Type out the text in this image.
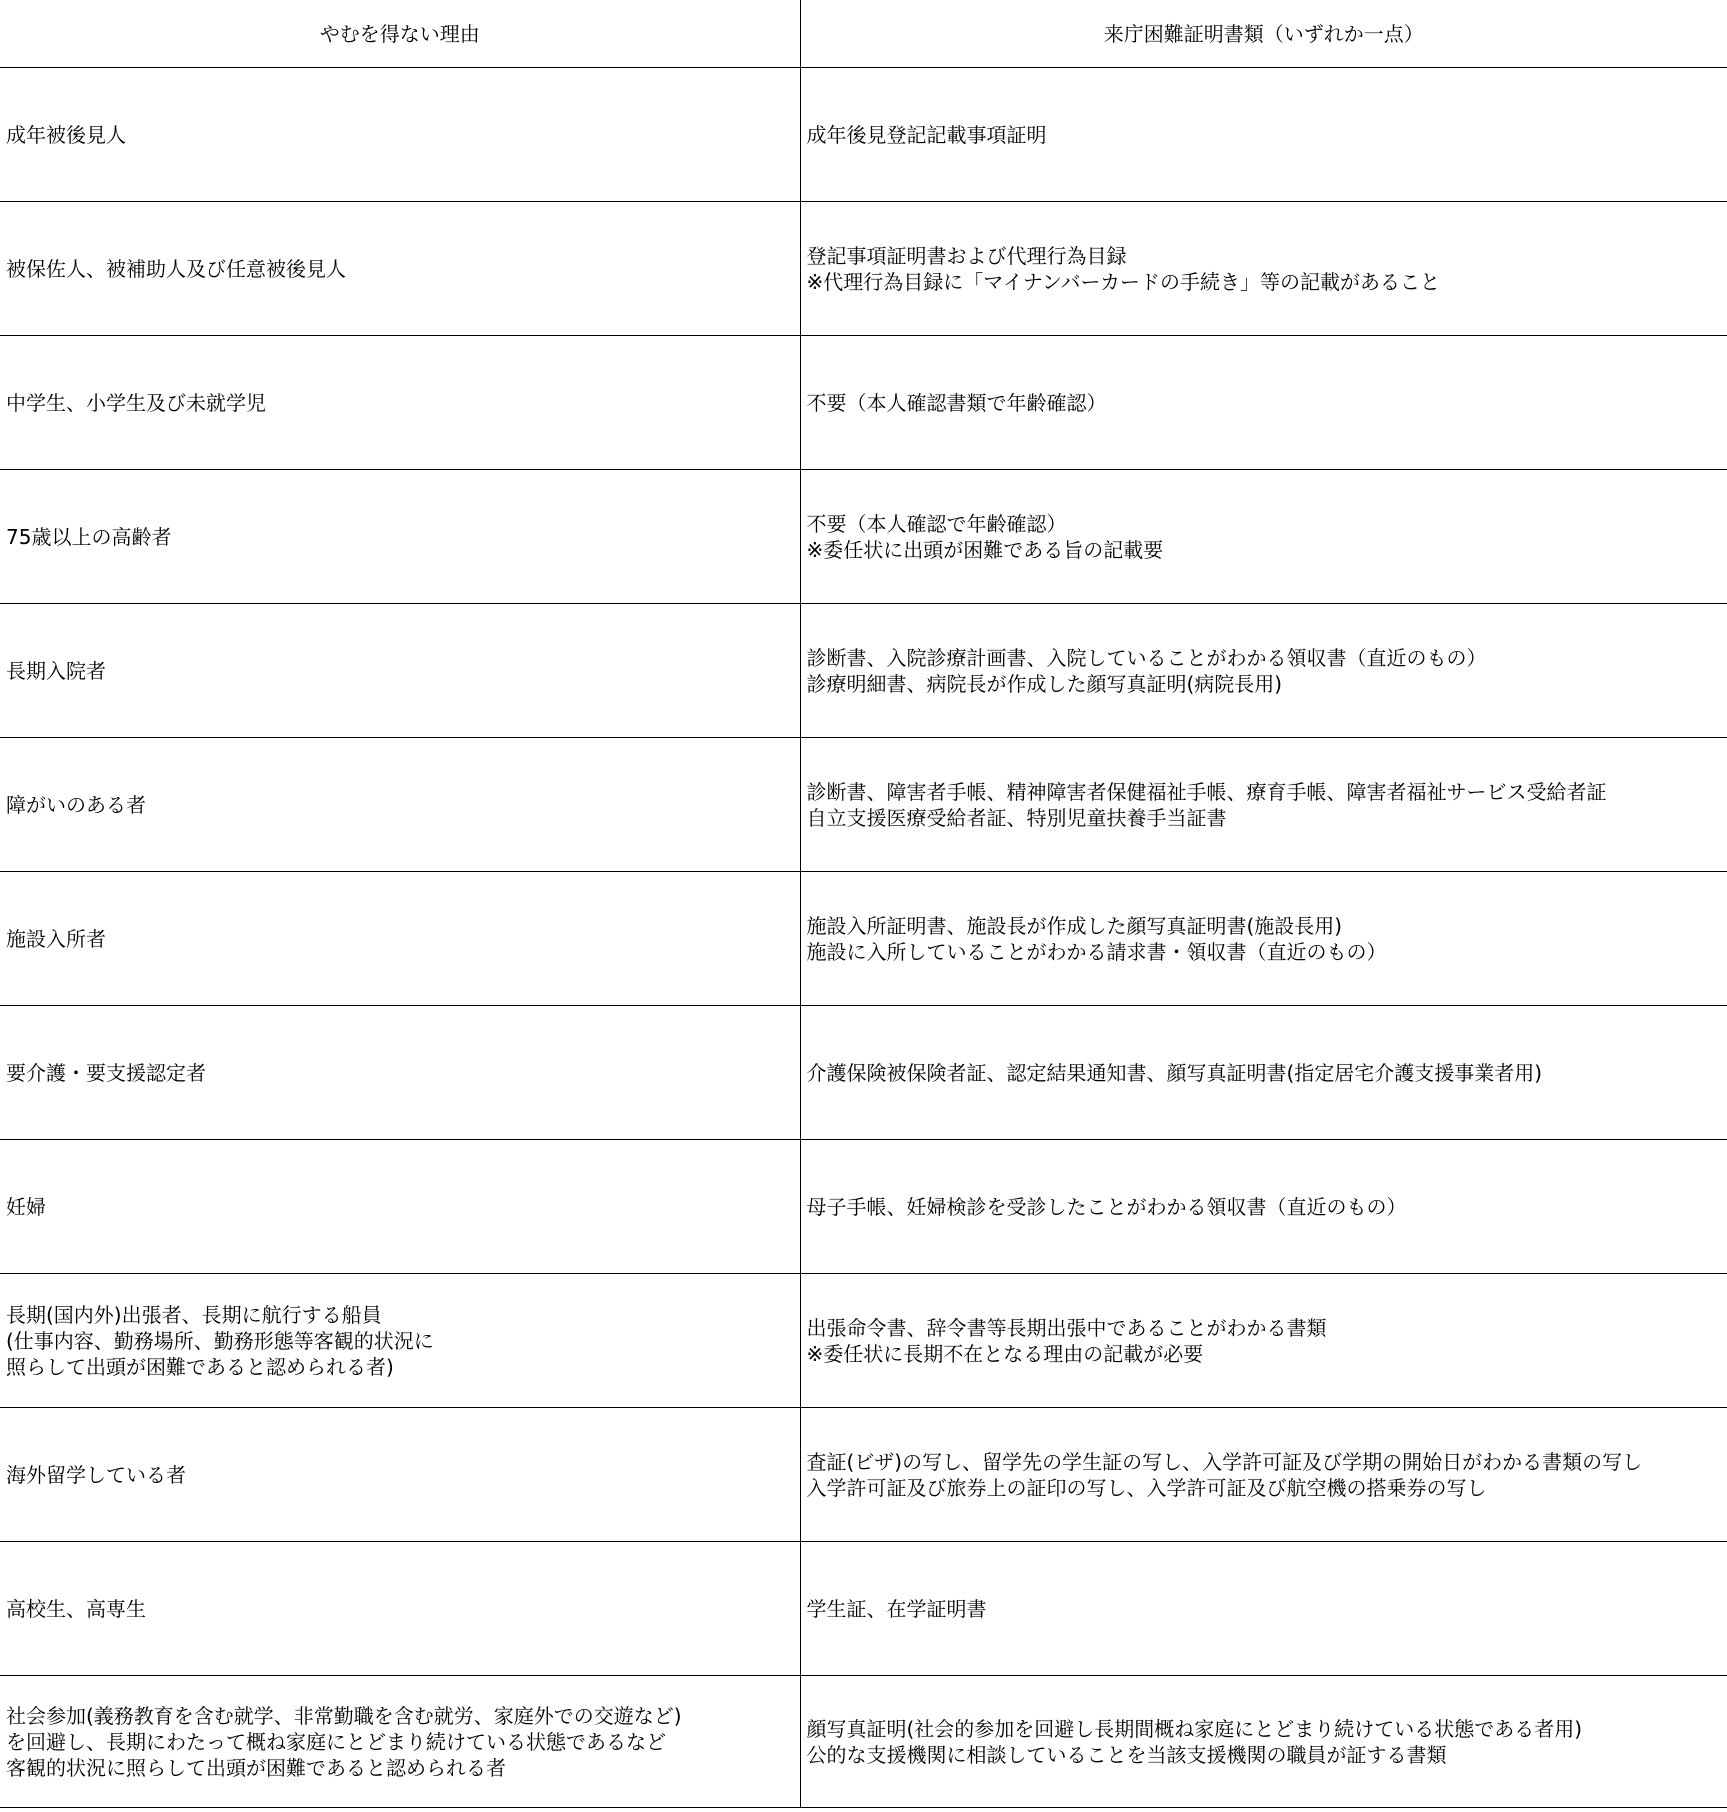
やむを得ない理由	来庁困難証明書類（いずれか一点）
成年被後見人	成年後見登記記載事項証明
被保佐人、被補助人及び任意被後見人	登記事項証明書および代理行為目録
※代理行為目録に「マイナンバーカードの手続き」等の記載があること
中学生、小学生及び未就学児	不要（本人確認書類で年齢確認）
75歳以上の高齢者	不要（本人確認で年齢確認）
※委任状に出頭が困難である旨の記載要
長期入院者	診断書、入院診療計画書、入院していることがわかる領収書（直近のもの）
診療明細書、病院長が作成した顔写真証明(病院長用)
障がいのある者	診断書、障害者手帳、精神障害者保健福祉手帳、療育手帳、障害者福祉サービス受給者証
自立支援医療受給者証、特別児童扶養手当証書
施設入所者	施設入所証明書、施設長が作成した顔写真証明書(施設長用)
施設に入所していることがわかる請求書・領収書（直近のもの）
要介護・要支援認定者	介護保険被保険者証、認定結果通知書、顔写真証明書(指定居宅介護支援事業者用)
妊婦	母子手帳、妊婦検診を受診したことがわかる領収書（直近のもの）
長期(国内外)出張者、長期に航行する船員
(仕事内容、勤務場所、勤務形態等客観的状況に
照らして出頭が困難であると認められる者)	出張命令書、辞令書等長期出張中であることがわかる書類
※委任状に長期不在となる理由の記載が必要
海外留学している者	査証(ビザ)の写し、留学先の学生証の写し、入学許可証及び学期の開始日がわかる書類の写し
入学許可証及び旅券上の証印の写し、入学許可証及び航空機の搭乗券の写し
高校生、高専生	学生証、在学証明書
社会参加(義務教育を含む就学、非常勤職を含む就労、家庭外での交遊など)
を回避し、長期にわたって概ね家庭にとどまり続けている状態であるなど
客観的状況に照らして出頭が困難であると認められる者	顔写真証明(社会的参加を回避し長期間概ね家庭にとどまり続けている状態である者用)
公的な支援機関に相談していることを当該支援機関の職員が証する書類
